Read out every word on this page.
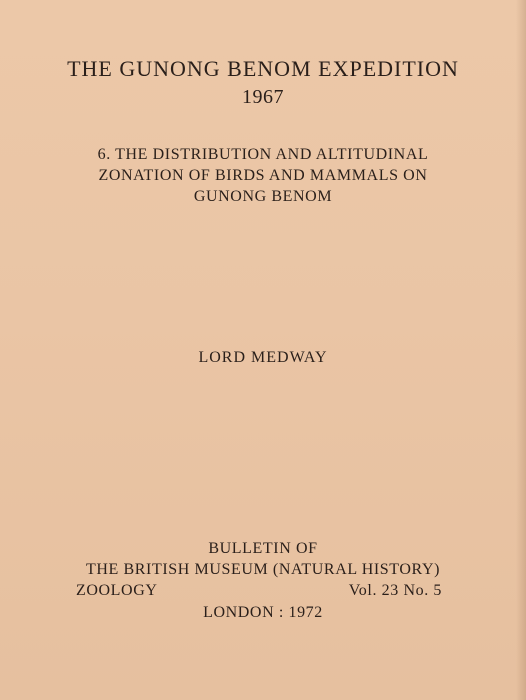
THE GUNONG BENOM EXPEDITION
1967
6. THE DISTRIBUTION AND ALTITUDINAL
ZONATION OF BIRDS AND MAMMALS ON
GUNONG BENOM
LORD MEDWAY
BULLETIN OF
THE BRITISH MUSEUM (NATURAL HISTORY)
ZOOLOGY	Vol. 23 No. 5
LONDON : 1972
